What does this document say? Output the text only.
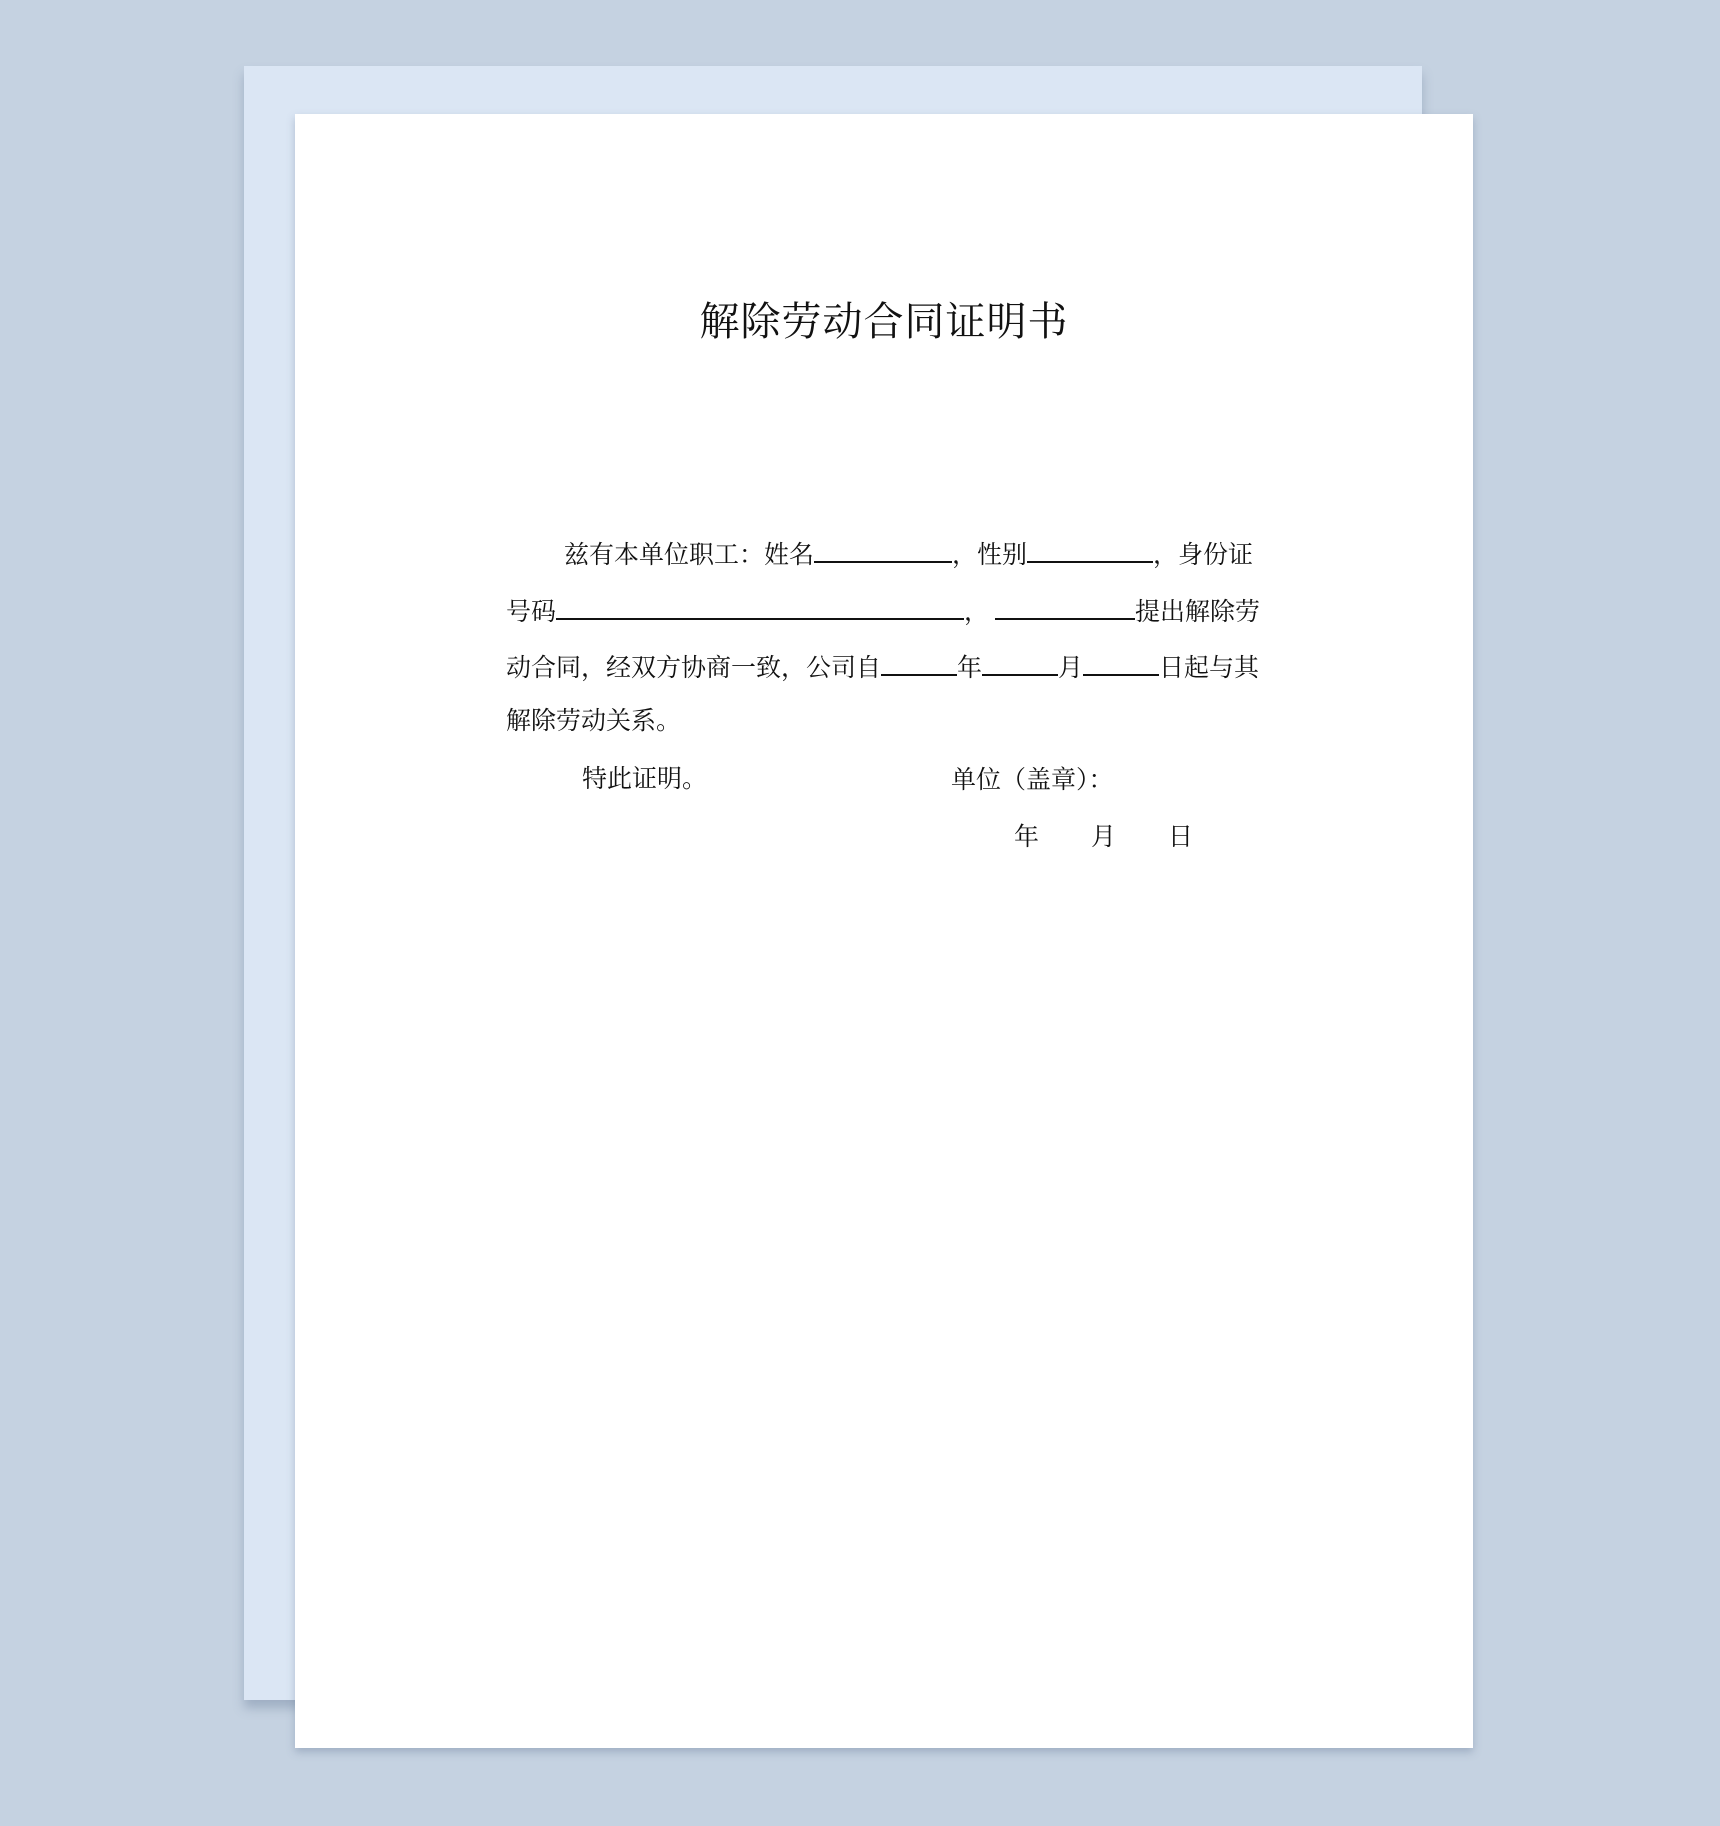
解除劳动合同证明书
兹有本单位职工：姓名	，性别	，身份证
号码	，	提出解除劳
动合同，经双方协商一致，公司自	年	月	日起与其
解除劳动关系。
特此证明。	单位（盖章）：
年 月 日
